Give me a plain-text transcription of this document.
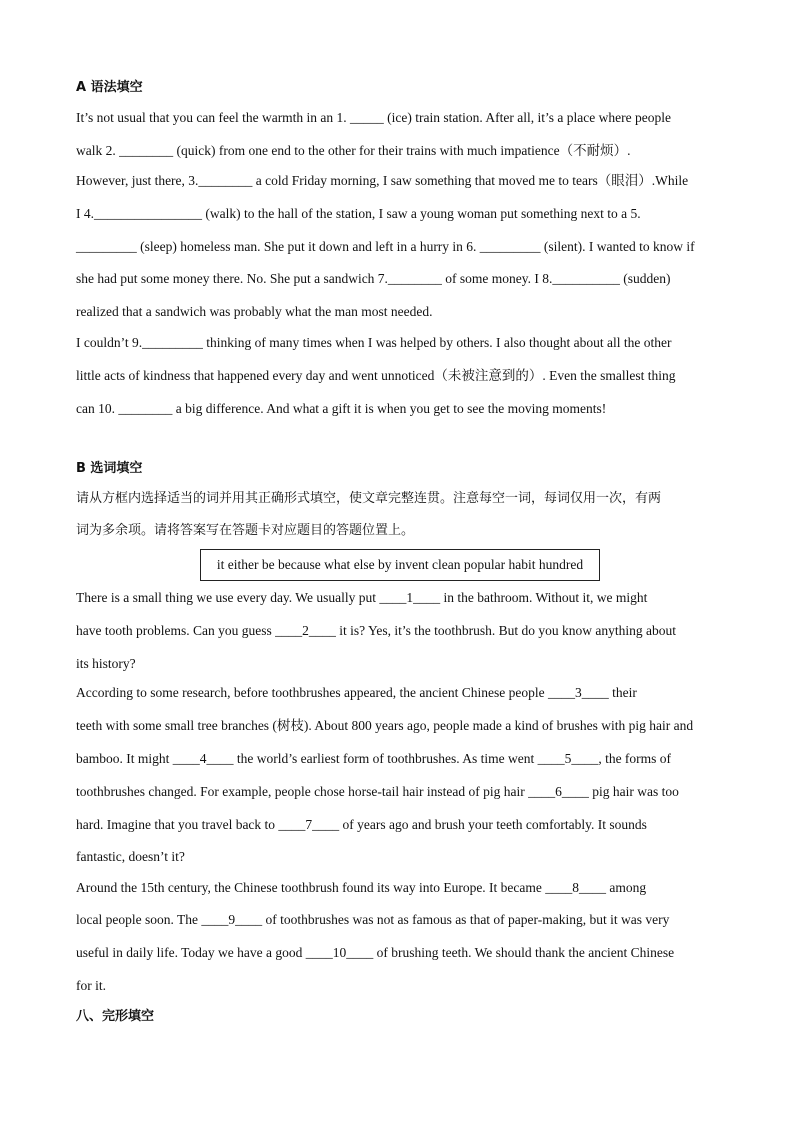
A 语法填空
It’s not usual that you can feel the warmth in an 1. _____ (ice) train station. After all, it’s a place where people
walk 2. ________ (quick) from one end to the other for their trains with much impatience（不耐烦）.
However, just there, 3.________ a cold Friday morning, I saw something that moved me to tears（眼泪）.While
I 4.________________ (walk) to the hall of the station, I saw a young woman put something next to a 5.
_________ (sleep) homeless man. She put it down and left in a hurry in 6. _________ (silent). I wanted to know if
she had put some money there. No. She put a sandwich 7.________ of some money. I 8.__________ (sudden)
realized that a sandwich was probably what the man most needed.
I couldn’t 9._________ thinking of many times when I was helped by others. I also thought about all the other
little acts of kindness that happened every day and went unnoticed（未被注意到的）. Even the smallest thing
can 10. ________ a big difference. And what a gift it is when you get to see the moving moments!
B 选词填空
请从方框内选择适当的词并用其正确形式填空，使文章完整连贯。注意每空一词，每词仅用一次，有两
词为多余项。请将答案写在答题卡对应题目的答题位置上。
it either be because what else by invent clean popular habit hundred
There is a small thing we use every day. We usually put ____1____ in the bathroom. Without it, we might
have tooth problems. Can you guess ____2____ it is? Yes, it’s the toothbrush. But do you know anything about
its history?
According to some research, before toothbrushes appeared, the ancient Chinese people ____3____ their
teeth with some small tree branches (树枝). About 800 years ago, people made a kind of brushes with pig hair and
bamboo. It might ____4____ the world’s earliest form of toothbrushes. As time went ____5____, the forms of
toothbrushes changed. For example, people chose horse-tail hair instead of pig hair ____6____ pig hair was too
hard. Imagine that you travel back to ____7____ of years ago and brush your teeth comfortably. It sounds
fantastic, doesn’t it?
Around the 15th century, the Chinese toothbrush found its way into Europe. It became ____8____ among
local people soon. The ____9____ of toothbrushes was not as famous as that of paper-making, but it was very
useful in daily life. Today we have a good ____10____ of brushing teeth. We should thank the ancient Chinese
for it.
八、完形填空
